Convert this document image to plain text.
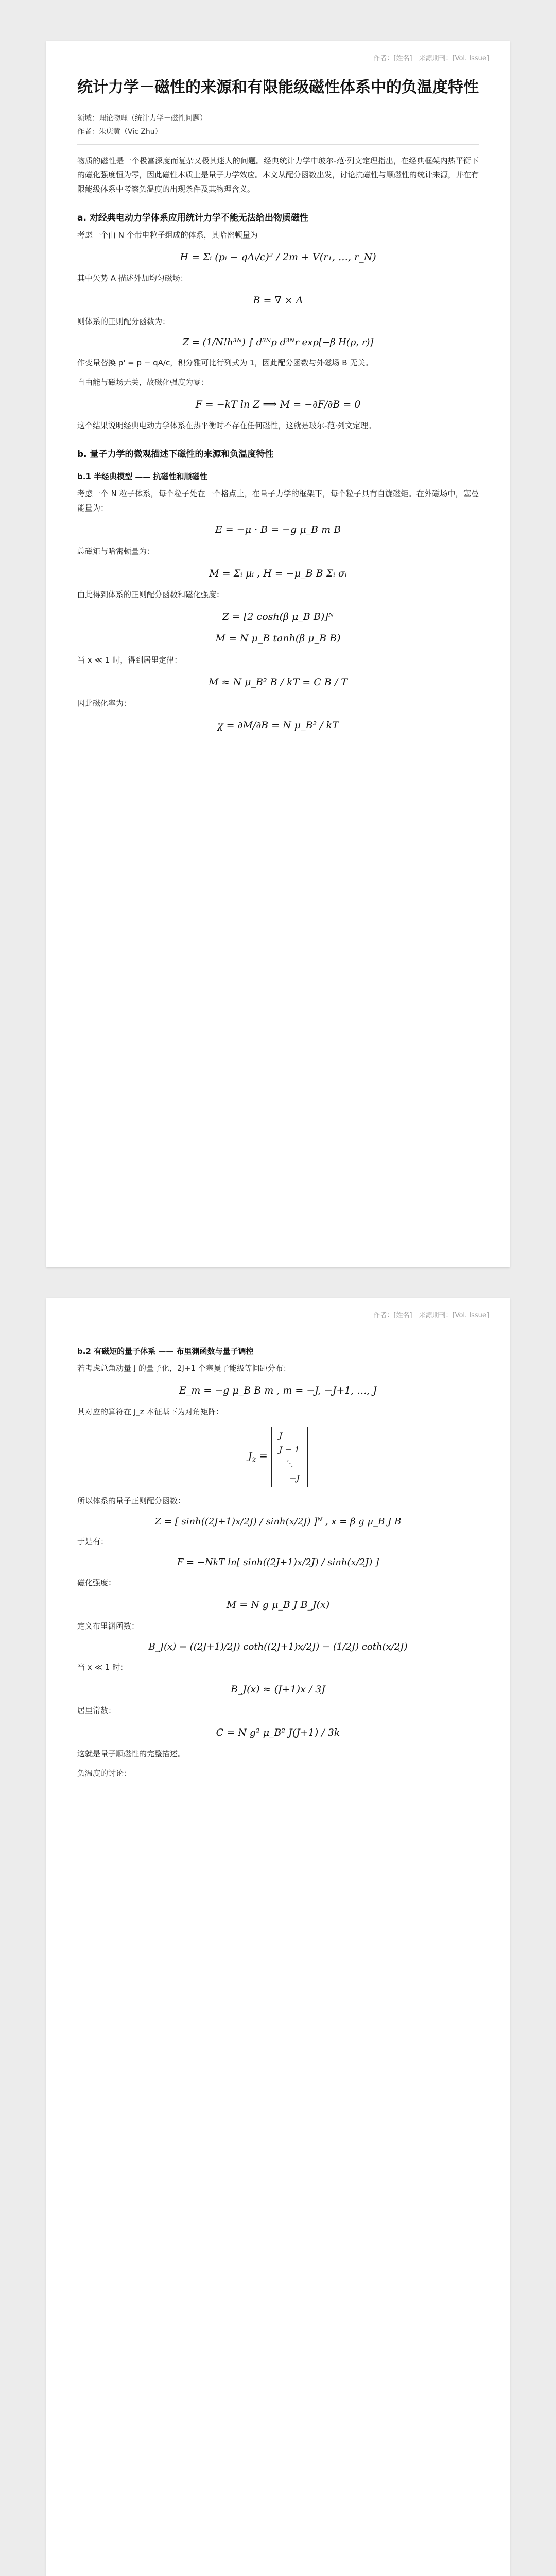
作者：[姓名]　来源期刊：[Vol. Issue]
统计力学－磁性的来源和有限能级磁性体系中的负温度特性
领域：理论物理（统计力学－磁性问题）
作者：朱庆黄（Vic Zhu）

物质的磁性是一个极富深度而复杂又极其迷人的问题。经典统计力学中玻尔-范·列文定理指出，在经典框架内热平衡下的磁化强度恒为零，因此磁性本质上是量子力学效应。本文从配分函数出发，讨论抗磁性与顺磁性的统计来源，并在有限能级体系中考察负温度的出现条件及其物理含义。

a. 对经典电动力学体系应用统计力学不能无法给出物质磁性

考虑一个由 N 个带电粒子组成的体系，其哈密顿量为

H = Σᵢ (pᵢ − qAᵢ/c)² / 2m + V(r₁, …, r_N)

其中矢势 A 描述外加均匀磁场：

B = ∇ × A

则体系的正则配分函数为：

Z = (1/N!h³ᴺ) ∫ d³ᴺp d³ᴺr exp[−β H(p, r)]

作变量替换 p' = p − qA/c，积分雅可比行列式为 1，因此配分函数与外磁场 B 无关。

自由能与磁场无关，故磁化强度为零：

F = −kT ln Z ⟹ M = −∂F/∂B = 0

这个结果说明经典电动力学体系在热平衡时不存在任何磁性，这就是玻尔-范·列文定理。

b. 量子力学的微观描述下磁性的来源和负温度特性
b.1 半经典模型 —— 抗磁性和顺磁性

考虑一个 N 粒子体系，每个粒子处在一个格点上，在量子力学的框架下，每个粒子具有自旋磁矩。在外磁场中，塞曼能量为：

E = −μ · B = −g μ_B m B

总磁矩与哈密顿量为：

M = Σᵢ μᵢ , H = −μ_B B Σᵢ σᵢ

由此得到体系的正则配分函数和磁化强度：

Z = [2 cosh(β μ_B B)]ᴺ
M = N μ_B tanh(β μ_B B)

当 x ≪ 1 时，得到居里定律：

M ≈ N μ_B² B / kT = C B / T

因此磁化率为：

χ = ∂M/∂B = N μ_B² / kT
作者：[姓名]　来源期刊：[Vol. Issue]
b.2 有磁矩的量子体系 —— 布里渊函数与量子调控

若考虑总角动量 J 的量子化，2J+1 个塞曼子能级等间距分布：

E_m = −g μ_B B m , m = −J, −J+1, …, J

其对应的算符在 J_z 本征基下为对角矩阵：

$J_z$ =
J
J − 1
⋱
−J

所以体系的量子正则配分函数：

Z = [ sinh((2J+1)x/2J) / sinh(x/2J) ]ᴺ , x = β g μ_B J B

于是有：

F = −NkT ln[ sinh((2J+1)x/2J) / sinh(x/2J) ]

磁化强度：

M = N g μ_B J B_J(x)

定义布里渊函数：

B_J(x) = ((2J+1)/2J) coth((2J+1)x/2J) − (1/2J) coth(x/2J)

当 x ≪ 1 时：

B_J(x) ≈ (J+1)x / 3J

居里常数：

C = N g² μ_B² J(J+1) / 3k

这就是量子顺磁性的完整描述。

负温度的讨论：
